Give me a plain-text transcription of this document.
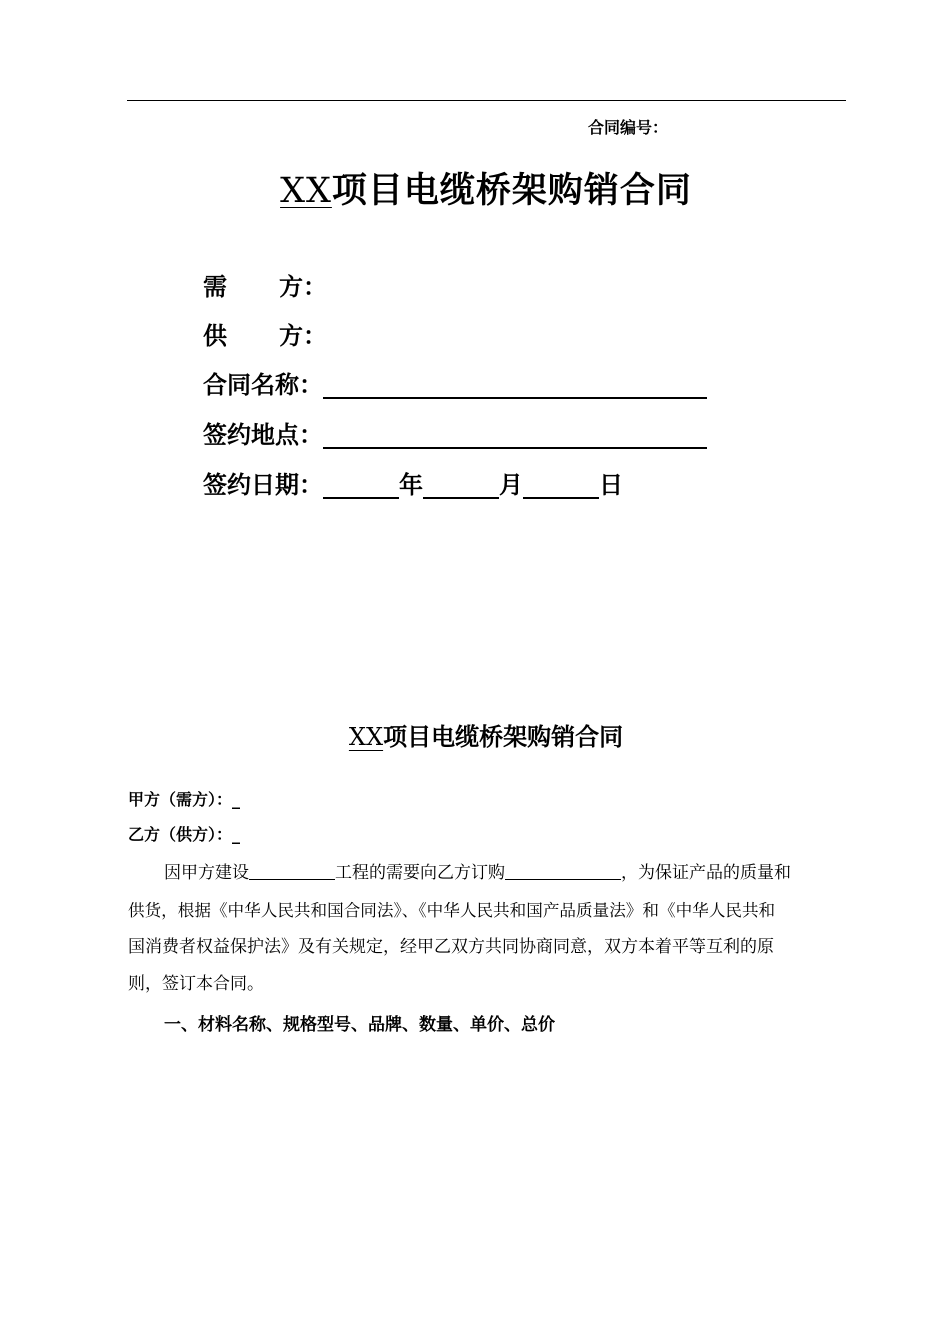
合同编号：
XX项目电缆桥架购销合同
需 方：
供 方：
合同名称：
签约地点：
签约日期：	年	月	日
XX项目电缆桥架购销合同
甲方（需方）：_
乙方（供方）：_
因甲方建设	工程的需要向乙方订购	，为保证产品的质量和
供货，根据《中华人民共和国合同法》、《中华人民共和国产品质量法》和《中华人民共和
国消费者权益保护法》及有关规定，经甲乙双方共同协商同意，双方本着平等互利的原
则，签订本合同。
一、材料名称、规格型号、品牌、数量、单价、总价
